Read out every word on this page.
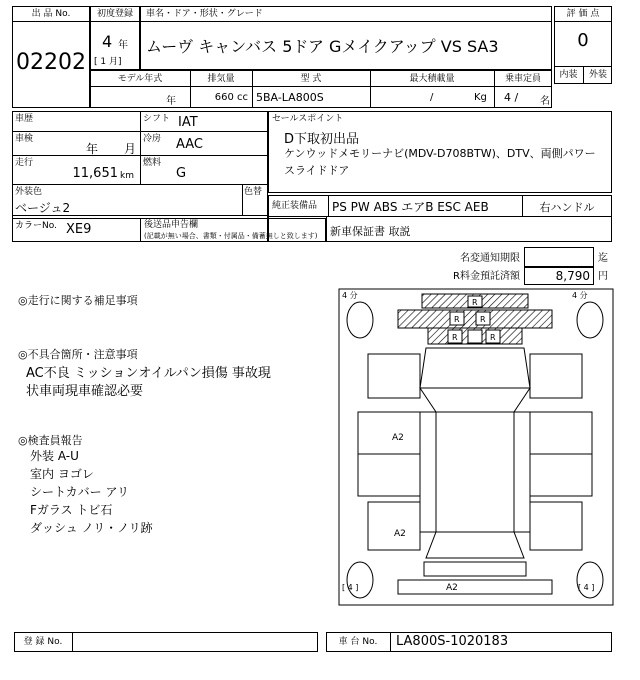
出 品 No.
02202
初度登録
4 年
[ 1 月]
車名・ドア・形状・グレード
ムーヴ キャンバス 5ドア Gメイクアップ VS SA3
評 価 点
0
内装	外装
モデル年式	排気量	型 式	最大積載量	乗車定員
年	660 cc 5BA-LA800S	/	Kg 4 / 名
車歴	シフト IAT
車検
年 月
冷房 AAC
走行
11,651 km
燃料
G
外装色
ベージュ2
色替
カラーNo. XE9	後送品申告欄
(記載が無い場合、書類・付属品・備蓄無しと致します)
セールスポイント
D下取初出品
ケンウッドメモリーナビ(MDV-D708BTW)、DTV、両側パワー
スライドドア
純正装備品 PS PW ABS エアB ESC AEB	右ハンドル
新車保証書 取説
名変通知期限	迄
R料金預託済額	8,790 円
◎走行に関する補足事項
◎不具合箇所・注意事項
AC不良 ミッションオイルパン損傷 事故現
状車両現車確認必要
◎検査員報告
外装 A-U
室内 ヨゴレ
シートカバー アリ
Fガラス トビ石
ダッシュ ノリ・ノリ跡
4 分	4 分
[ 4 ]	[ 4 ]
R
R	R
R	R
A2
A2
A2
登 録 No.	車 台 No.	LA800S-1020183
